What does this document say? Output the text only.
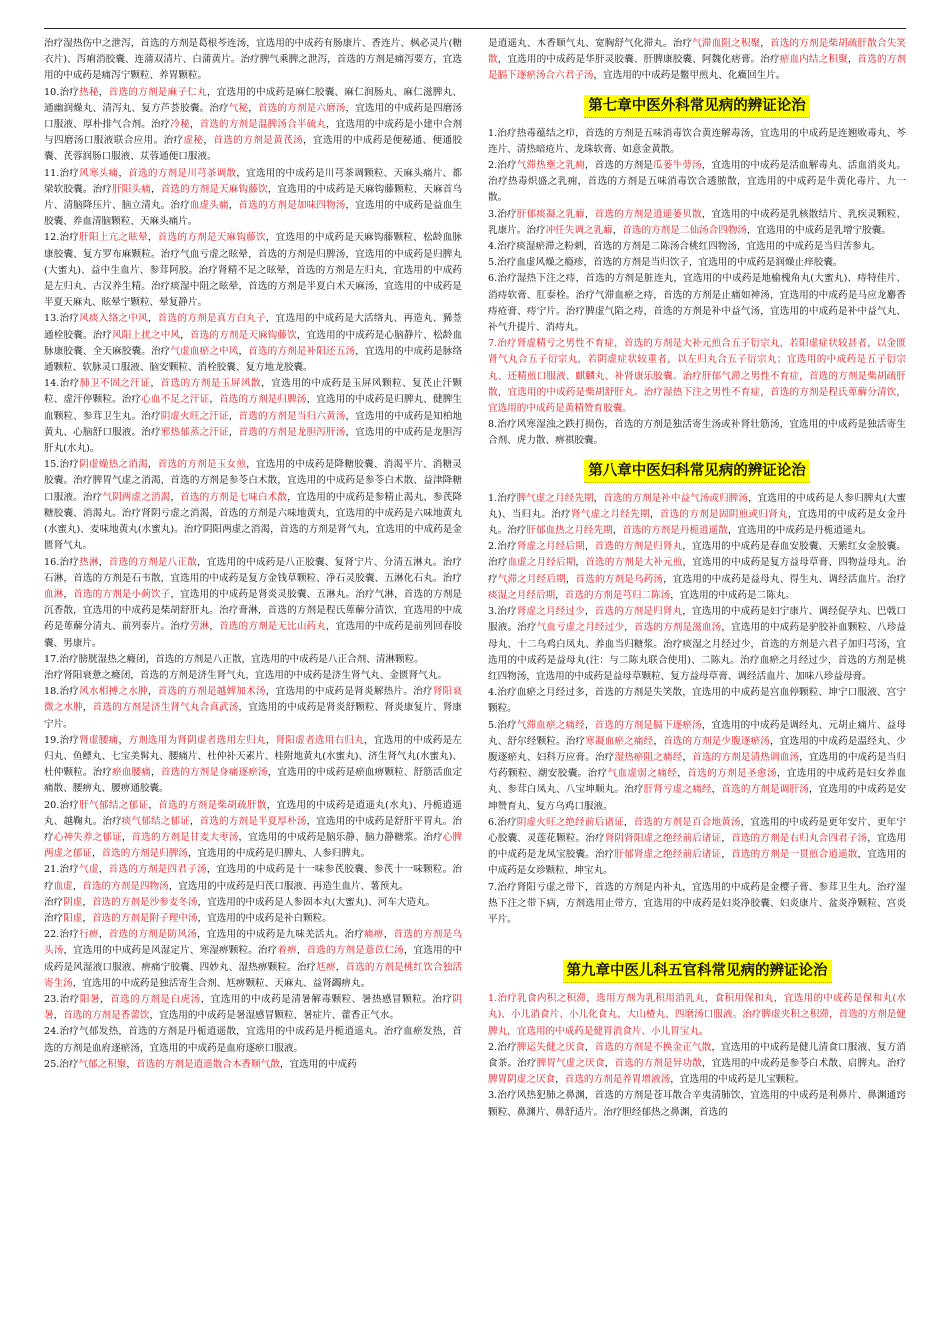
治疗湿热伤中之泄泻，首选的方剂是葛根芩连汤，宜选用的中成药有肠康片、香连片、枫必灵片(糖衣片)、泻痢消胶囊、连蒲双清片、白蒲黄片。治疗脾气乘脾之泄泻，首选的方剂是痛泻要方，宜选用的中成药是痛泻宁颗粒、养胃颗粒。
10.治疗热秘，首选的方剂是麻子仁丸，宜选用的中成药是麻仁胶囊、麻仁润肠丸、麻仁滋脾丸、通幽润燥丸、清泻丸、复方芦荟胶囊。治疗气秘，首选的方剂是六磨汤，宜选用的中成药是四磨汤口服液、厚朴排气合剂。治疗冷秘，首选的方剂是温脾汤合半硫丸，宜选用的中成药是小建中合剂与四磨汤口服液联合应用。治疗虚秘，首选的方剂是黄芪汤，宜选用的中成药是便秘通、便通胶囊、芪蓉润肠口服液、苁蓉通便口服液。
11.治疗风寒头痛，首选的方剂是川芎茶调散，宜选用的中成药是川芎茶调颗粒、天麻头痛片、都梁软胶囊。治疗肝阳头痛，首选的方剂是天麻钩藤饮，宜选用的中成药是天麻钩藤颗粒、天麻首乌片、清脑降压片、脑立清丸。治疗血虚头痛，首选的方剂是加味四物汤，宜选用的中成药是益血生胶囊、养血清脑颗粒、天麻头痛片。
12.治疗肝阳上亢之眩晕，首选的方剂是天麻钩藤饮，宜选用的中成药是天麻钩藤颗粒、松龄血脉康胶囊、复方罗布麻颗粒。治疗气血亏虚之眩晕，首选的方剂是归脾汤，宜选用的中成药是归脾丸(大蜜丸)、益中生血片、参茸阿胶。治疗肾精不足之眩晕，首选的方剂是左归丸，宜选用的中成药是左归丸、古汉养生精。治疗痰湿中阻之眩晕，首选的方剂是半夏白术天麻汤，宜选用的中成药是半夏天麻丸、眩晕宁颗粒、晕复静片。
13.治疗风痰入络之中风，首选的方剂是真方白丸子，宜选用的中成药是大活络丸、再造丸、豨莶通栓胶囊。治疗风阳上扰之中风，首选的方剂是天麻钩藤饮，宜选用的中成药是心脑静片、松龄血脉康胶囊、全天麻胶囊。治疗气虚血瘀之中风，首选的方剂是补阳还五汤，宜选用的中成药是脉络通颗粒、软脉灵口服液、脑安颗粒、消栓胶囊、复方地龙胶囊。
14.治疗肺卫不固之汗证，首选的方剂是玉屏风散，宜选用的中成药是玉屏风颗粒、复芪止汗颗粒、虚汗停颗粒。治疗心血不足之汗证，首选的方剂是归脾汤，宜选用的中成药是归脾丸、健脾生血颗粒、参茸卫生丸。治疗阴虚火旺之汗证，首选的方剂是当归六黄汤，宜选用的中成药是知柏地黄丸、心脑舒口服液。治疗邪热郁蒸之汗证，首选的方剂是龙胆泻肝汤，宜选用的中成药是龙胆泻肝丸(水丸)。
15.治疗阴虚燥热之消渴，首选的方剂是玉女煎，宜选用的中成药是降糖胶囊、消渴平片、消糖灵胶囊。治疗脾胃气虚之消渴，首选的方剂是参苓白术散，宜选用的中成药是参苓白术散、益津降糖口服液。治疗气阴两虚之消渴，首选的方剂是七味白术散，宜选用的中成药是参精止渴丸、参芪降糖胶囊、消渴丸。治疗肾阴亏虚之消渴，首选的方剂是六味地黄丸，宜选用的中成药是六味地黄丸(水蜜丸)、麦味地黄丸(水蜜丸)。治疗阴阳两虚之消渴，首选的方剂是肾气丸，宜选用的中成药是金匮肾气丸。
16.治疗热淋，首选的方剂是八正散，宜选用的中成药是八正胶囊、复肾宁片、分清五淋丸。治疗石淋，首选的方剂是石韦散，宜选用的中成药是复方金钱草颗粒、净石灵胶囊、五淋化石丸。治疗血淋，首选的方剂是小蓟饮子，宜选用的中成药是肾炎灵胶囊、五淋丸。治疗气淋，首选的方剂是沉香散，宜选用的中成药是柴胡舒肝丸。治疗膏淋，首选的方剂是程氏萆薢分清饮，宜选用的中成药是萆薢分清丸、前列泰片。治疗劳淋，首选的方剂是无比山药丸，宜选用的中成药是前列回春胶囊、男康片。
17.治疗膀胱湿热之癃闭，首选的方剂是八正散，宜选用的中成药是八正合剂、清淋颗粒。
治疗肾阳衰惫之癃闭，首选的方剂是济生肾气丸，宜选用的中成药是济生肾气丸、金匮肾气丸。
18.治疗风水相搏之水肿，首选的方剂是越婢加术汤，宜选用的中成药是肾炎解热片。治疗肾阳衰微之水肿，首选的方剂是济生肾气丸合真武汤，宜选用的中成药是肾炎舒颗粒、肾炎康复片、肾康宁片。
19.治疗肾虚腰痛，方剂选用为肾阴虚者选用左归丸，肾阳虚者选用右归丸，宜选用的中成药是左归丸、鱼鳔丸、七宝美髯丸、腰痛片、杜仲补天素片、桂附地黄丸(水蜜丸)、济生肾气丸(水蜜丸)、杜仲颗粒。治疗瘀血腰痛，首选的方剂是身痛逐瘀汤，宜选用的中成药是瘀血痹颗粒、舒筋活血定痛散、腰痹丸、腰痹通胶囊。
20.治疗肝气郁结之郁证，首选的方剂是柴胡疏肝散，宜选用的中成药是逍遥丸(水丸)、丹栀逍遥丸、越鞠丸。治疗痰气郁结之郁证，首选的方剂是半夏厚朴汤，宜选用的中成药是舒肝平胃丸。治疗心神失养之郁证，首选的方剂是甘麦大枣汤，宜选用的中成药是脑乐静、脑力静糖浆。治疗心脾两虚之郁证，首选的方剂是归脾汤，宜选用的中成药是归脾丸、人参归脾丸。
21.治疗气虚，首选的方剂是四君子汤，宜选用的中成药是十一味参芪胶囊、参芪十一味颗粒。治疗血虚，首选的方剂是四物汤，宜选用的中成药是归芪口服液、再造生血片、薯预丸。
治疗阴虚，首选的方剂是沙参麦冬汤，宜选用的中成药是人参固本丸(大蜜丸)、河车大造丸。
治疗阳虚，首选的方剂是附子理中汤，宜选用的中成药是补白颗粒。
22.治疗行痹，首选的方剂是防风汤，宜选用的中成药是九味羌活丸。治疗痛痹，首选的方剂是乌头汤，宜选用的中成药是风湿定片、寒湿痹颗粒。治疗着痹，首选的方剂是薏苡仁汤，宜选用的中成药是风湿液口服液、痹痛宁胶囊、四妙丸、湿热痹颗粒。治疗尪痹，首选的方剂是桃红饮合独活寄生汤，宜选用的中成药是独活寄生合剂、尪痹颗粒、天麻丸、益肾蠲痹丸。
23.治疗阳暑，首选的方剂是白虎汤，宜选用的中成药是清暑解毒颗粒、暑热感冒颗粒。治疗阴暑，首选的方剂是香薷饮，宜选用的中成药是暑湿感冒颗粒、暑症片、藿香正气水。
24.治疗气郁发热，首选的方剂是丹栀逍遥散，宜选用的中成药是丹栀逍遥丸。治疗血瘀发热，首选的方剂是血府逐瘀汤，宜选用的中成药是血府逐瘀口服液。
25.治疗气郁之积聚，首选的方剂是逍遥散合木香顺气散，宜选用的中成药
是逍遥丸、木香顺气丸、宽胸舒气化滞丸。治疗气滞血阻之积聚，首选的方剂是柴胡疏肝散合失笑散，宜选用的中成药是华肝灵胶囊、肝脾康胶囊、阿魏化痞膏。治疗瘀血内结之积聚，首选的方剂是膈下逐瘀汤合六君子汤，宜选用的中成药是鳖甲煎丸、化癥回生片。
第七章中医外科常见病的辨证论治
1.治疗热毒蕴结之疖，首选的方剂是五味消毒饮合黄连解毒汤，宜选用的中成药是连翘败毒丸、芩连片、清热暗疮片、龙珠软膏、如意金黄散。
2.治疗气滞热壅之乳痈，首选的方剂是瓜蒌牛蒡汤，宜选用的中成药是活血解毒丸、活血消炎丸。治疗热毒炽盛之乳痈，首选的方剂是五味消毒饮合透脓散，宜选用的中成药是牛黄化毒片、九一散。
3.治疗肝郁痰凝之乳癖，首选的方剂是逍遥蒌贝散，宜选用的中成药是乳核散结片、乳疾灵颗粒、乳康片。治疗冲任失调之乳癖，首选的方剂是二仙汤合四物汤，宜选用的中成药是乳增宁胶囊。
4.治疗痰湿瘀滞之粉刺，首选的方剂是二陈汤合桃红四物汤，宜选用的中成药是当归苦参丸。
5.治疗血虚风燥之瘾疹，首选的方剂是当归饮子，宜选用的中成药是润燥止痒胶囊。
6.治疗湿热下注之痔，首选的方剂是脏连丸，宜选用的中成药是地榆槐角丸(大蜜丸)、痔特佳片、消痔软膏、肛泰栓。治疗气滞血瘀之痔，首选的方剂是止痛如神汤，宜选用的中成药是马应龙麝香痔疮膏、痔宁片。治疗脾虚气陷之痔，首选的方剂是补中益气汤，宜选用的中成药是补中益气丸、补气升提片、消痔丸。
7.治疗肾虚精亏之男性不育症，首选的方剂是大补元煎合五子衍宗丸，若阳虚症状较甚者，以金匮肾气丸合五子衍宗丸，若阴虚症状较重者，以左归丸合五子衍宗丸；宜选用的中成药是五子衍宗丸、还精煎口服液、麒麟丸、补肾康乐胶囊。治疗肝郁气滞之男性不育症，首选的方剂是柴胡疏肝散，宜选用的中成药是柴胡舒肝丸。治疗湿热下注之男性不育症，首选的方剂是程氏萆薢分清饮，宜选用的中成药是黄精赞育胶囊。
8.治疗风寒湿浊之跌打损伤，首选的方剂是独活寄生汤或补肾壮筋汤，宜选用的中成药是独活寄生合剂、虎力散、痹祺胶囊。
第八章中医妇科常见病的辨证论治
1.治疗脾气虚之月经先期，首选的方剂是补中益气汤或归脾汤，宜选用的中成药是人参归脾丸(大蜜丸)、当归丸。治疗肾气虚之月经先期，首选的方剂是固阴煎或归肾丸，宜选用的中成药是女金丹丸。治疗肝郁血热之月经先期，首选的方剂是丹栀逍遥散，宜选用的中成药是丹栀逍遥丸。
2.治疗肾虚之月经后期，首选的方剂是归肾丸，宜选用的中成药是春血安胶囊、天紫红女金胶囊。治疗血虚之月经后期，首选的方剂是大补元煎，宜选用的中成药是复方益母草膏、四物益母丸。治疗气滞之月经后期，首选的方剂是乌药汤，宜选用的中成药是益母丸、得生丸、调经活血片。治疗痰湿之月经后期，首选的方剂是芎归二陈汤，宜选用的中成药是二陈丸。
3.治疗肾虚之月经过少，首选的方剂是归肾丸，宜选用的中成药是妇宁康片、调经促孕丸、巴戟口服液。治疗气血亏虚之月经过少，首选的方剂是滋血汤，宜选用的中成药是驴胶补血颗粒、八珍益母丸、十二乌鸡白凤丸、养血当归糖浆。治疗痰湿之月经过少，首选的方剂是六君子加归芎汤，宜选用的中成药是益母丸(注：与二陈丸联合使用)、二陈丸。治疗血瘀之月经过少，首选的方剂是桃红四物汤，宜选用的中成药是益母草颗粒、复方益母草膏、调经活血片、加味八珍益母膏。
4.治疗血瘀之月经过多，首选的方剂是失笑散，宜选用的中成药是宫血停颗粒、坤宁口服液、宫宁颗粒。
5.治疗气滞血瘀之痛经，首选的方剂是膈下逐瘀汤，宜选用的中成药是调经丸、元胡止痛片、益母丸、舒尔经颗粒。治疗寒凝血瘀之痛经，首选的方剂是少腹逐瘀汤，宜选用的中成药是温经丸、少腹逐瘀丸、妇科万应膏。治疗湿热瘀阻之痛经，首选的方剂是清热调血汤，宜选用的中成药是当归芍药颗粒、潮安胶囊。治疗气血虚弱之痛经，首选的方剂是圣愈汤，宜选用的中成药是妇女养血丸、参茸白凤丸、八宝坤顺丸。治疗肝肾亏虚之痛经，首选的方剂是调肝汤，宜选用的中成药是安坤赞育丸、复方乌鸡口服液。
6.治疗阴虚火旺之绝经前后诸证，首选的方剂是百合地黄汤，宜选用的中成药是更年安片、更年宁心胶囊、灵莲花颗粒。治疗肾阴肾阳虚之绝经前后诸证，首选的方剂是右归丸合四君子汤，宜选用的中成药是龙凤宝胶囊。治疗肝郁肾虚之绝经前后诸证，首选的方剂是一贯煎合逍遥散，宜选用的中成药是女珍颗粒、坤宝丸。
7.治疗肾阳亏虚之带下，首选的方剂是内补丸，宜选用的中成药是金樱子膏、参茸卫生丸。治疗湿热下注之带下病，方剂选用止带方，宜选用的中成药是妇炎净胶囊、妇炎康片、盆炎净颗粒、宫炎平片。
第九章中医儿科五官科常见病的辨证论治
1.治疗乳食内积之积滞，选用方剂为乳积用消乳丸，食积用保和丸，宜选用的中成药是保和丸(水丸)、小儿消食片、小儿化食丸、大山楂丸、四磨汤口服液。治疗脾虚夹积之积滞，首选的方剂是健脾丸，宜选用的中成药是健胃消食片、小儿胃宝丸。
2.治疗脾运失健之厌食，首选的方剂是不换金正气散，宜选用的中成药是健儿清食口服液、复方消食茶。治疗脾胃气虚之厌食，首选的方剂是异功散，宜选用的中成药是参苓白术散、启脾丸。治疗脾胃阴虚之厌食，首选的方剂是养胃增液汤，宜选用的中成药是儿宝颗粒。
3.治疗风热犯肺之鼻渊，首选的方剂是苍耳散合辛夷清肺饮，宜选用的中成药是利鼻片、鼻渊通窍颗粒、鼻渊片、鼻舒适片。治疗胆经郁热之鼻渊，首选的
